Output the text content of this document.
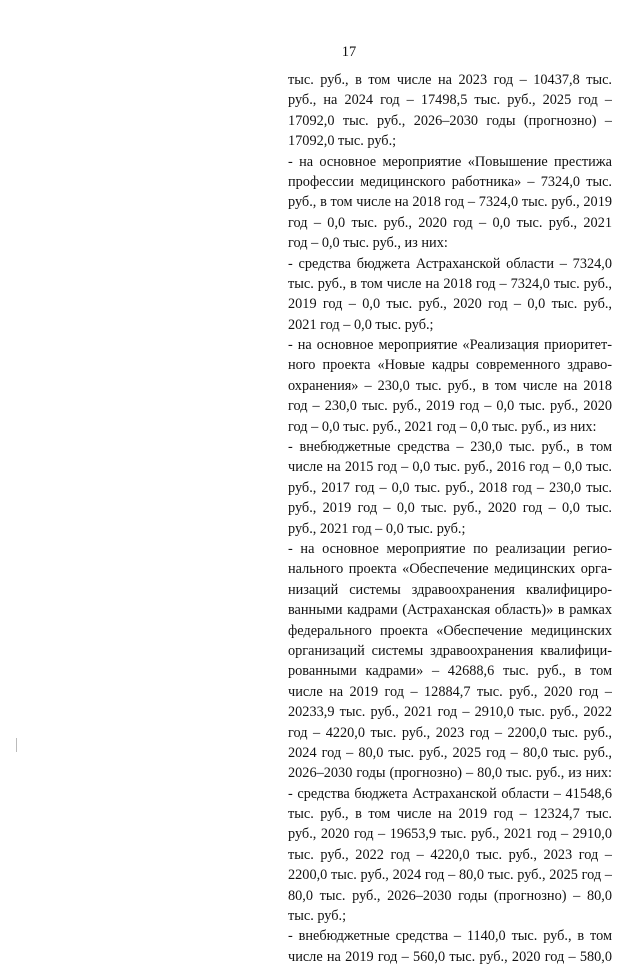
17
тыс. руб., в том числе на 2023 год – 10437,8 тыс.
руб., на 2024 год – 17498,5 тыс. руб., 2025 год –
17092,0 тыс. руб., 2026–2030 годы (прогнозно) –
17092,0 тыс. руб.;
- на основное мероприятие «Повышение престижа
профессии медицинского работника» – 7324,0 тыс.
руб., в том числе на 2018 год – 7324,0 тыс. руб., 2019
год – 0,0 тыс. руб., 2020 год – 0,0 тыс. руб., 2021
год – 0,0 тыс. руб., из них:
- средства бюджета Астраханской области – 7324,0
тыс. руб., в том числе на 2018 год – 7324,0 тыс. руб.,
2019 год – 0,0 тыс. руб., 2020 год – 0,0 тыс. руб.,
2021 год – 0,0 тыс. руб.;
- на основное мероприятие «Реализация приоритет-
ного проекта «Новые кадры современного здраво-
охранения» – 230,0 тыс. руб., в том числе на 2018
год – 230,0 тыс. руб., 2019 год – 0,0 тыс. руб., 2020
год – 0,0 тыс. руб., 2021 год – 0,0 тыс. руб., из них:
- внебюджетные средства – 230,0 тыс. руб., в том
числе на 2015 год – 0,0 тыс. руб., 2016 год – 0,0 тыс.
руб., 2017 год – 0,0 тыс. руб., 2018 год – 230,0 тыс.
руб., 2019 год – 0,0 тыс. руб., 2020 год – 0,0 тыс.
руб., 2021 год – 0,0 тыс. руб.;
- на основное мероприятие по реализации регио-
нального проекта «Обеспечение медицинских орга-
низаций системы здравоохранения квалифициро-
ванными кадрами (Астраханская область)» в рамках
федерального проекта «Обеспечение медицинских
организаций системы здравоохранения квалифици-
рованными кадрами» – 42688,6 тыс. руб., в том
числе на 2019 год – 12884,7 тыс. руб., 2020 год –
20233,9 тыс. руб., 2021 год – 2910,0 тыс. руб., 2022
год – 4220,0 тыс. руб., 2023 год – 2200,0 тыс. руб.,
2024 год – 80,0 тыс. руб., 2025 год – 80,0 тыс. руб.,
2026–2030 годы (прогнозно) – 80,0 тыс. руб., из них:
- средства бюджета Астраханской области – 41548,6
тыс. руб., в том числе на 2019 год – 12324,7 тыс.
руб., 2020 год – 19653,9 тыс. руб., 2021 год – 2910,0
тыс. руб., 2022 год – 4220,0 тыс. руб., 2023 год –
2200,0 тыс. руб., 2024 год – 80,0 тыс. руб., 2025 год –
80,0 тыс. руб., 2026–2030 годы (прогнозно) – 80,0
тыс. руб.;
- внебюджетные средства – 1140,0 тыс. руб., в том
числе на 2019 год – 560,0 тыс. руб., 2020 год – 580,0
